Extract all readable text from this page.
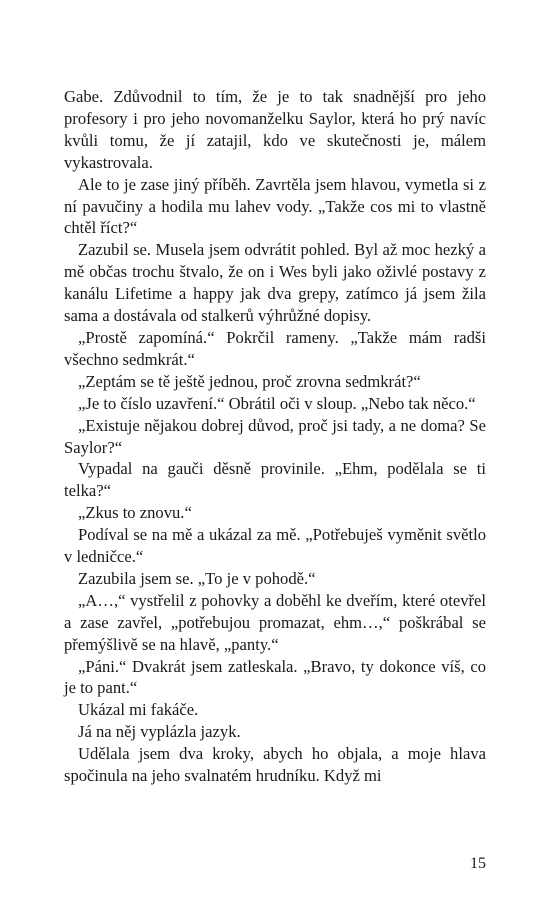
Gabe. Zdůvodnil to tím, že je to tak snadnější pro jeho profesory i pro jeho novomanželku Saylor, která ho prý navíc kvůli tomu, že jí zatajil, kdo ve skutečnosti je, málem vykastrovala.

Ale to je zase jiný příběh. Zavrtěla jsem hlavou, vymetla si z ní pavučiny a hodila mu lahev vody. „Takže cos mi to vlastně chtěl říct?“

Zazubil se. Musela jsem odvrátit pohled. Byl až moc hezký a mě občas trochu štvalo, že on i Wes byli jako oživlé postavy z kanálu Lifetime a happy jak dva grepy, zatímco já jsem žila sama a dostávala od stalkerů výhrůžné dopisy.

„Prostě zapomíná.“ Pokrčil rameny. „Takže mám radši všechno sedmkrát.“

„Zeptám se tě ještě jednou, proč zrovna sedmkrát?“

„Je to číslo uzavření.“ Obrátil oči v sloup. „Nebo tak něco.“

„Existuje nějakou dobrej důvod, proč jsi tady, a ne doma? Se Saylor?“

Vypadal na gauči děsně provinile. „Ehm, podělala se ti telka?“

„Zkus to znovu.“

Podíval se na mě a ukázal za mě. „Potřebuješ vyměnit světlo v ledničce.“

Zazubila jsem se. „To je v pohodě.“

„A…,“ vystřelil z pohovky a doběhl ke dveřím, které otevřel a zase zavřel, „potřebujou promazat, ehm…,“ poškrábal se přemýšlivě se na hlavě, „panty.“

„Páni.“ Dvakrát jsem zatleskala. „Bravo, ty dokonce víš, co je to pant.“

Ukázal mi fakáče.

Já na něj vyplázla jazyk.

Udělala jsem dva kroky, abych ho objala, a moje hlava spočinula na jeho svalnatém hrudníku. Když mi

15
